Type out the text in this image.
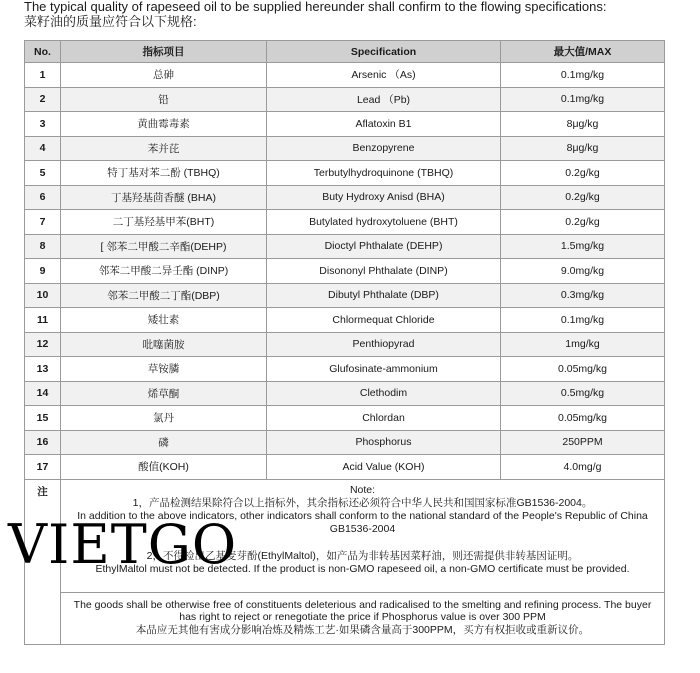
The typical quality of rapeseed oil to be supplied hereunder shall confirm to the flowing specifications:

菜籽油的质量应符合以下规格:

No.	指标项目	Specification	最大值/MAX
1	总砷	Arsenic （As)	0.1mg/kg
2	铅	Lead （Pb)	0.1mg/kg
3	黄曲霉毒素	Aflatoxin B1	8μg/kg
4	苯并芘	Benzopyrene	8μg/kg
5	特丁基对苯二酚 (TBHQ)	Terbutylhydroquinone (TBHQ)	0.2g/kg
6	丁基羟基茴香醚 (BHA)	Buty Hydroxy Anisd (BHA)	0.2g/kg
7	二丁基羟基甲苯(BHT)	Butylated hydroxytoluene (BHT)	0.2g/kg
8	[ 邻苯二甲酸二辛酯(DEHP)	Dioctyl Phthalate (DEHP)	1.5mg/kg
9	邻苯二甲酸二异壬酯 (DINP)	Disononyl Phthalate (DINP)	9.0mg/kg
10	邻苯二甲酸二丁酯(DBP)	Dibutyl Phthalate (DBP)	0.3mg/kg
11	矮壮素	Chlormequat Chloride	0.1mg/kg
12	吡噻菌胺	Penthiopyrad	1mg/kg
13	草铵膦	Glufosinate-ammonium	0.05mg/kg
14	烯草酮	Clethodim	0.5mg/kg
15	氯丹	Chlordan	0.05mg/kg
16	磷	Phosphorus	250PPM
17	酸值(KOH)	Acid Value (KOH)	4.0mg/g
注	Note:

1，产品检测结果除符合以上指标外，其余指标还必须符合中华人民共和国国家标准GB1536-2004。

In addition to the above indicators, other indicators shall conform to the national standard of the People's Republic of China GB1536-2004

2，不得检出乙基麦芽酚(EthylMaltol)，如产品为非转基因菜籽油，则还需提供非转基因证明。

EthylMaltol must not be detected. If the product is non-GMO rapeseed oil, a non-GMO certificate must be provided.		

	The goods shall be otherwise free of constituents deleterious and radicalised to the smelting and refining process. The buyer has right to reject or renegotiate the price if Phosphorus value is over 300 PPM

本品应无其他有害成分影响冶炼及精炼工艺·如果磷含量高于300PPM，买方有权拒收或重新议价。		

VIETGO
